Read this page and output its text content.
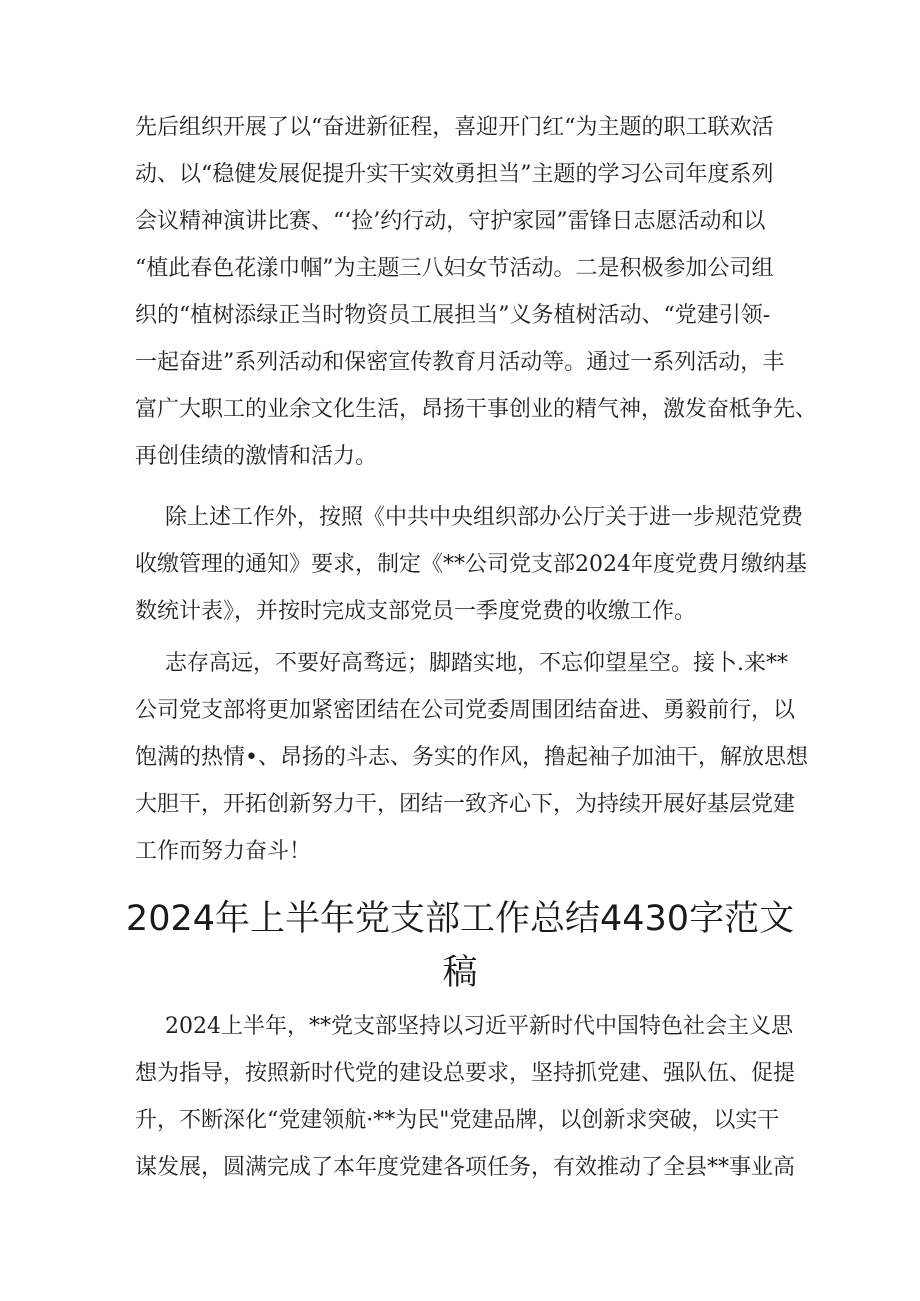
先后组织开展了以“奋进新征程，喜迎开门红“为主题的职工联欢活
动、以“稳健发展促提升实干实效勇担当”主题的学习公司年度系列
会议精神演讲比赛、“‘捡’约行动，守护家园”雷锋日志愿活动和以
“植此春色花漾巾帼”为主题三八妇女节活动。二是积极参加公司组
织的“植树添绿正当时物资员工展担当”义务植树活动、“党建引领-
一起奋进”系列活动和保密宣传教育月活动等。通过一系列活动，丰
富广大职工的业余文化生活，昂扬干事创业的精气神，激发奋柢争先、
再创佳绩的激情和活力。
除上述工作外，按照《中共中央组织部办公厅关于进一步规范党费
收缴管理的通知》要求，制定《**公司党支部2024年度党费月缴纳基
数统计表》，并按时完成支部党员一季度党费的收缴工作。
志存高远，不要好高骛远；脚踏实地，不忘仰望星空。接卜.来**
公司党支部将更加紧密团结在公司党委周围团结奋进、勇毅前行，以
饱满的热情•、昂扬的斗志、务实的作风，撸起袖子加油干，解放思想
大胆干，开拓创新努力干，团结一致齐心下，为持续开展好基层党建
工作而努力奋斗！
2024年上半年党支部工作总结4430字范文
稿
2024上半年，**党支部坚持以习近平新时代中国特色社会主义思
想为指导，按照新时代党的建设总要求，坚持抓党建、强队伍、促提
升，不断深化“党建领航·**为民"党建品牌，以创新求突破，以实干
谋发展，圆满完成了本年度党建各项任务，有效推动了全县**事业高
